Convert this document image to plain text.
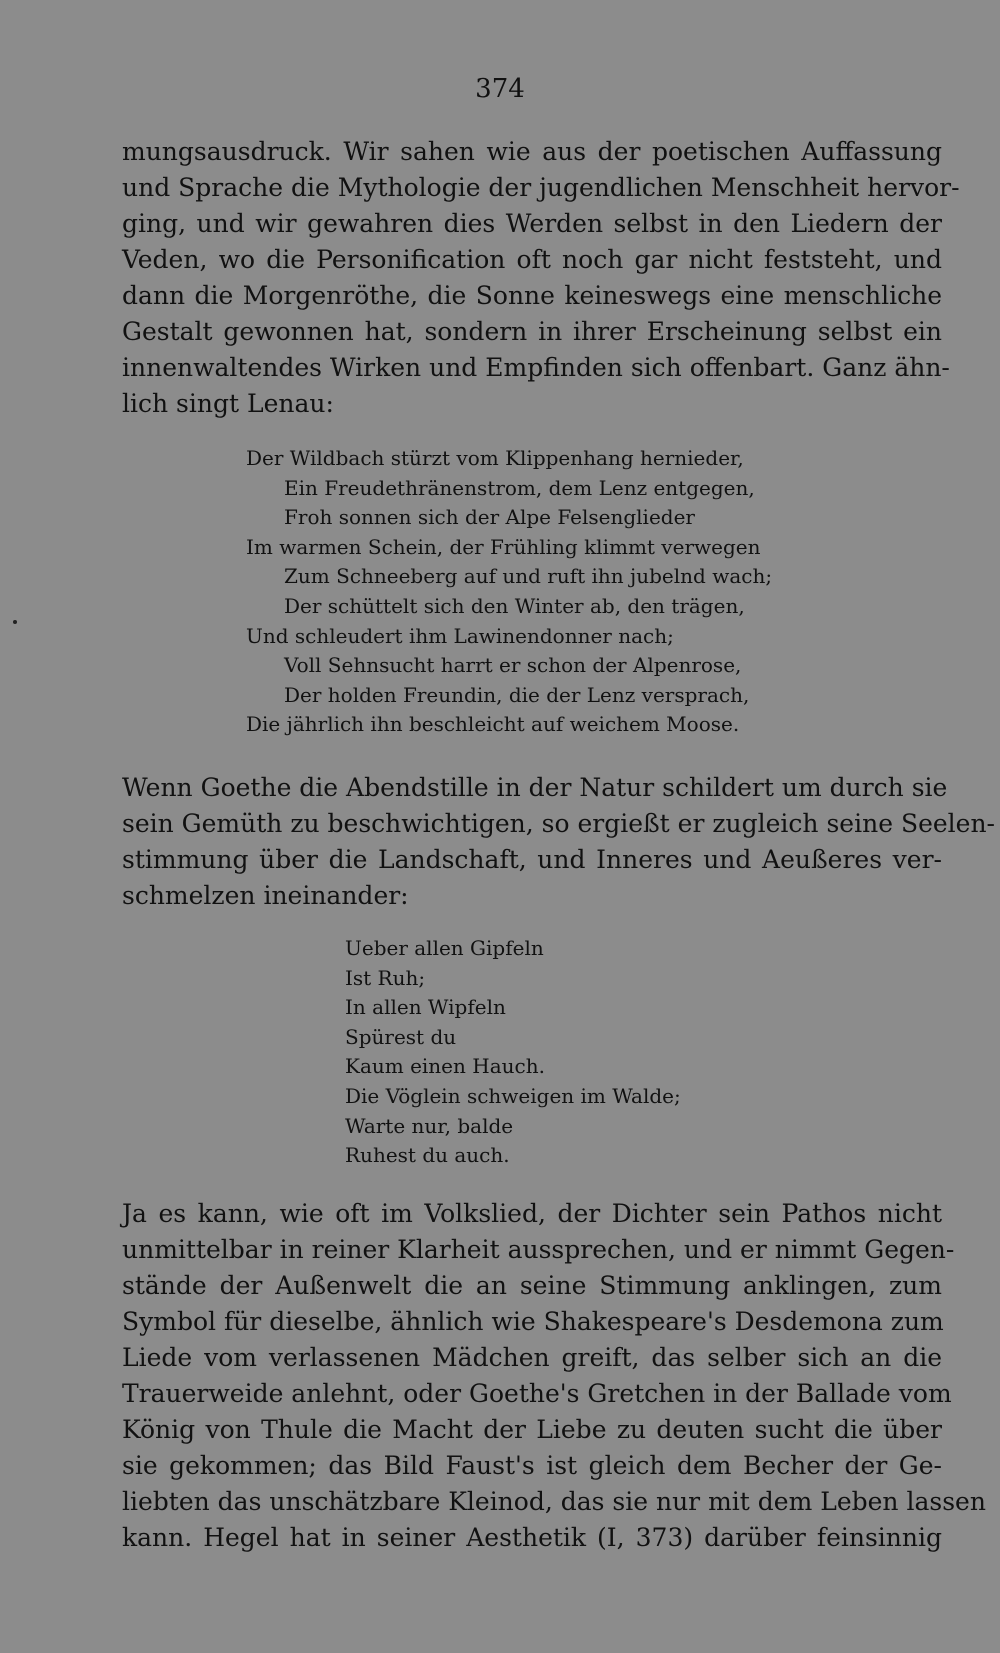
374
mungsausdruck. Wir sahen wie aus der poetischen Auffassung
und Sprache die Mythologie der jugendlichen Menschheit hervor-
ging, und wir gewahren dies Werden selbst in den Liedern der
Veden, wo die Personification oft noch gar nicht feststeht, und
dann die Morgenröthe, die Sonne keineswegs eine menschliche
Gestalt gewonnen hat, sondern in ihrer Erscheinung selbst ein
innenwaltendes Wirken und Empfinden sich offenbart. Ganz ähn-
lich singt Lenau:
Der Wildbach stürzt vom Klippenhang hernieder,
Ein Freudethränenstrom, dem Lenz entgegen,
Froh sonnen sich der Alpe Felsenglieder
Im warmen Schein, der Frühling klimmt verwegen
Zum Schneeberg auf und ruft ihn jubelnd wach;
Der schüttelt sich den Winter ab, den trägen,
Und schleudert ihm Lawinendonner nach;
Voll Sehnsucht harrt er schon der Alpenrose,
Der holden Freundin, die der Lenz versprach,
Die jährlich ihn beschleicht auf weichem Moose.
Wenn Goethe die Abendstille in der Natur schildert um durch sie
sein Gemüth zu beschwichtigen, so ergießt er zugleich seine Seelen-
stimmung über die Landschaft, und Inneres und Aeußeres ver-
schmelzen ineinander:
Ueber allen Gipfeln
Ist Ruh;
In allen Wipfeln
Spürest du
Kaum einen Hauch.
Die Vöglein schweigen im Walde;
Warte nur, balde
Ruhest du auch.
Ja es kann, wie oft im Volkslied, der Dichter sein Pathos nicht
unmittelbar in reiner Klarheit aussprechen, und er nimmt Gegen-
stände der Außenwelt die an seine Stimmung anklingen, zum
Symbol für dieselbe, ähnlich wie Shakespeare's Desdemona zum
Liede vom verlassenen Mädchen greift, das selber sich an die
Trauerweide anlehnt, oder Goethe's Gretchen in der Ballade vom
König von Thule die Macht der Liebe zu deuten sucht die über
sie gekommen; das Bild Faust's ist gleich dem Becher der Ge-
liebten das unschätzbare Kleinod, das sie nur mit dem Leben lassen
kann. Hegel hat in seiner Aesthetik (I, 373) darüber feinsinnig
